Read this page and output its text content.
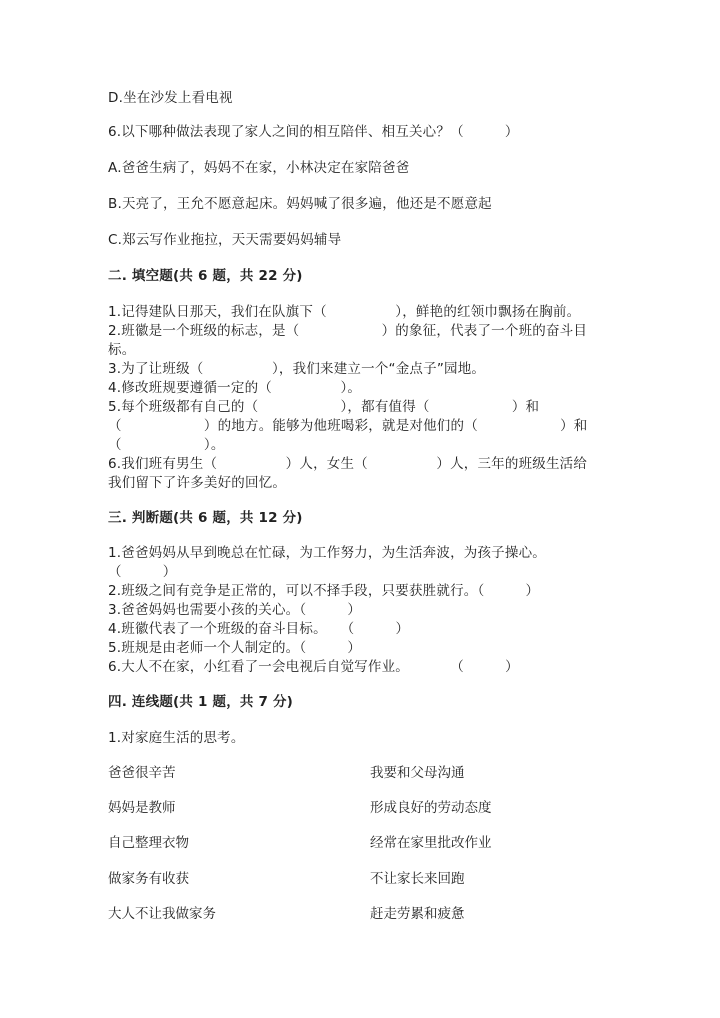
D.坐在沙发上看电视
6.以下哪种做法表现了家人之间的相互陪伴、相互关心？（　　　）
A.爸爸生病了，妈妈不在家，小林决定在家陪爸爸
B.天亮了，王允不愿意起床。妈妈喊了很多遍，他还是不愿意起
C.郑云写作业拖拉，天天需要妈妈辅导
二. 填空题(共 6 题，共 22 分)
1.记得建队日那天，我们在队旗下（　　　　　），鲜艳的红领巾飘扬在胸前。
2.班徽是一个班级的标志，是（　　　　　　）的象征，代表了一个班的奋斗目
标。
3.为了让班级（　　　　　），我们来建立一个“金点子”园地。
4.修改班规要遵循一定的（　　　　　）。
5.每个班级都有自己的（　　　　　　），都有值得（　　　　　　）和
（　　　　　　）的地方。能够为他班喝彩，就是对他们的（　　　　　　）和
（　　　　　　）。
6.我们班有男生（　　　　　）人，女生（　　　　　）人，三年的班级生活给
我们留下了许多美好的回忆。
三. 判断题(共 6 题，共 12 分)
1.爸爸妈妈从早到晚总在忙碌，为工作努力，为生活奔波，为孩子操心。
（　　　）
2.班级之间有竞争是正常的，可以不择手段，只要获胜就行。（　　　）
3.爸爸妈妈也需要小孩的关心。（　　　）
4.班徽代表了一个班级的奋斗目标。　　（　　　）
5.班规是由老师一个人制定的。（　　　）
6.大人不在家，小红看了一会电视后自觉写作业。　　　　（　　　）
四. 连线题(共 1 题，共 7 分)
1.对家庭生活的思考。
爸爸很辛苦	我要和父母沟通
妈妈是教师	形成良好的劳动态度
自己整理衣物	经常在家里批改作业
做家务有收获	不让家长来回跑
大人不让我做家务	赶走劳累和疲惫
